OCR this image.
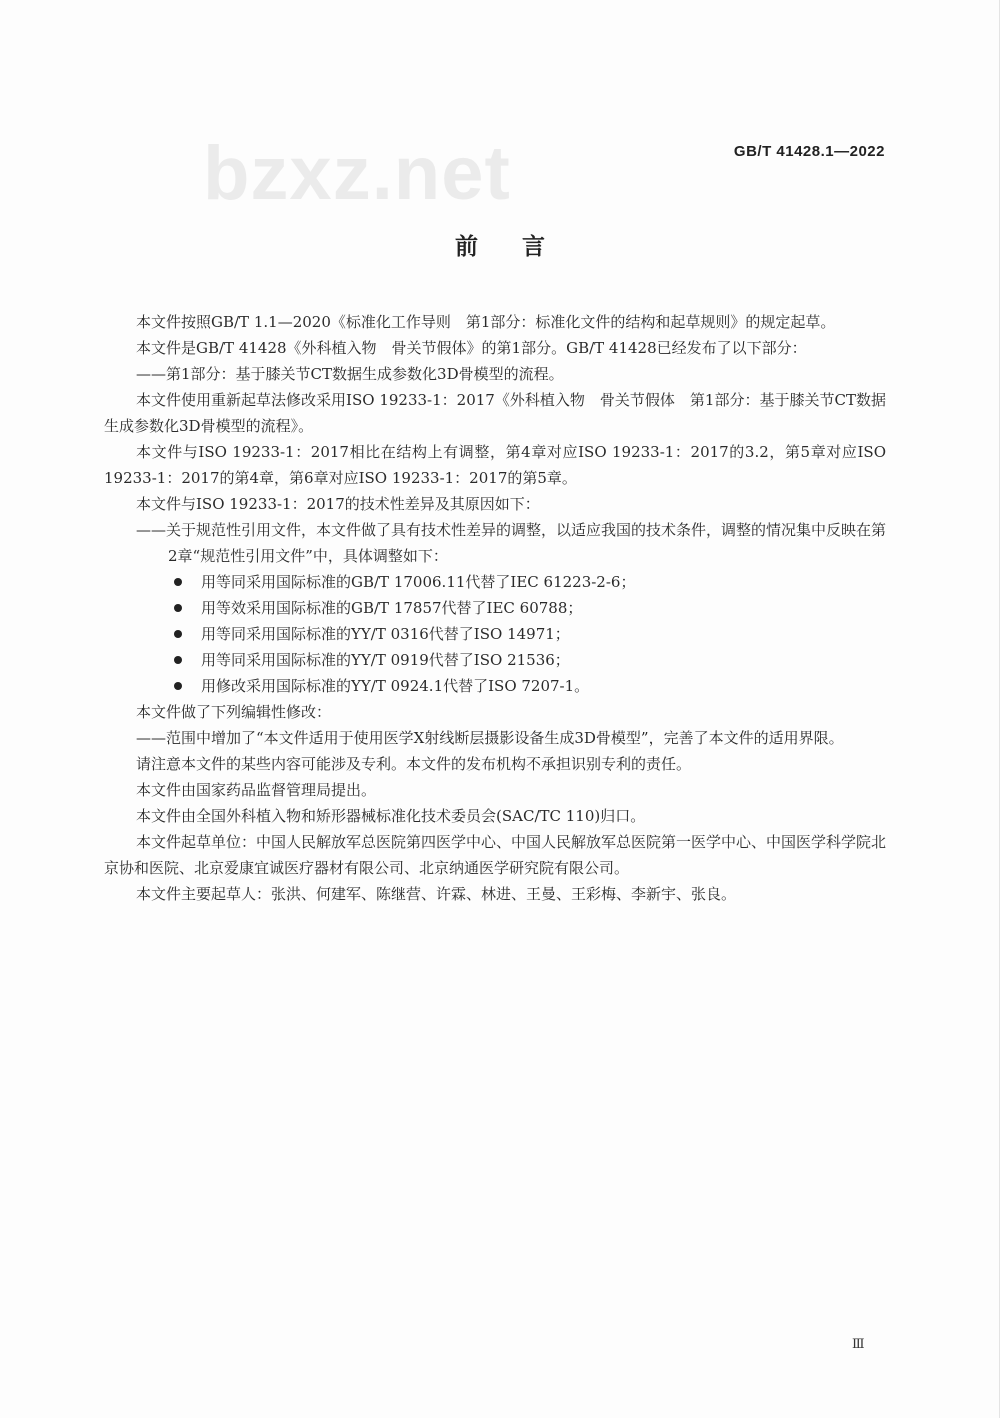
bzxz.net	GB/T 41428.1—2022
前言

本文件按照GB/T 1.1—2020《标准化工作导则　第1部分：标准化文件的结构和起草规则》的规定起草。

本文件是GB/T 41428《外科植入物　骨关节假体》的第1部分。GB/T 41428已经发布了以下部分：

——第1部分：基于膝关节CT数据生成参数化3D骨模型的流程。

本文件使用重新起草法修改采用ISO 19233-1：2017《外科植入物　骨关节假体　第1部分：基于膝关节CT数据生成参数化3D骨模型的流程》。

本文件与ISO 19233-1：2017相比在结构上有调整，第4章对应ISO 19233-1：2017的3.2，第5章对应ISO 19233-1：2017的第4章，第6章对应ISO 19233-1：2017的第5章。

本文件与ISO 19233-1：2017的技术性差异及其原因如下：

——关于规范性引用文件，本文件做了具有技术性差异的调整，以适应我国的技术条件，调整的情况集中反映在第2章“规范性引用文件”中，具体调整如下：

用等同采用国际标准的GB/T 17006.11代替了IEC 61223-2-6；

用等效采用国际标准的GB/T 17857代替了IEC 60788；

用等同采用国际标准的YY/T 0316代替了ISO 14971；

用等同采用国际标准的YY/T 0919代替了ISO 21536；

用修改采用国际标准的YY/T 0924.1代替了ISO 7207-1。

本文件做了下列编辑性修改：

——范围中增加了“本文件适用于使用医学X射线断层摄影设备生成3D骨模型”，完善了本文件的适用界限。

请注意本文件的某些内容可能涉及专利。本文件的发布机构不承担识别专利的责任。

本文件由国家药品监督管理局提出。

本文件由全国外科植入物和矫形器械标准化技术委员会(SAC/TC 110)归口。

本文件起草单位：中国人民解放军总医院第四医学中心、中国人民解放军总医院第一医学中心、中国医学科学院北京协和医院、北京爱康宜诚医疗器材有限公司、北京纳通医学研究院有限公司。

本文件主要起草人：张洪、何建军、陈继营、许霖、林进、王曼、王彩梅、李新宇、张良。

Ⅲ
